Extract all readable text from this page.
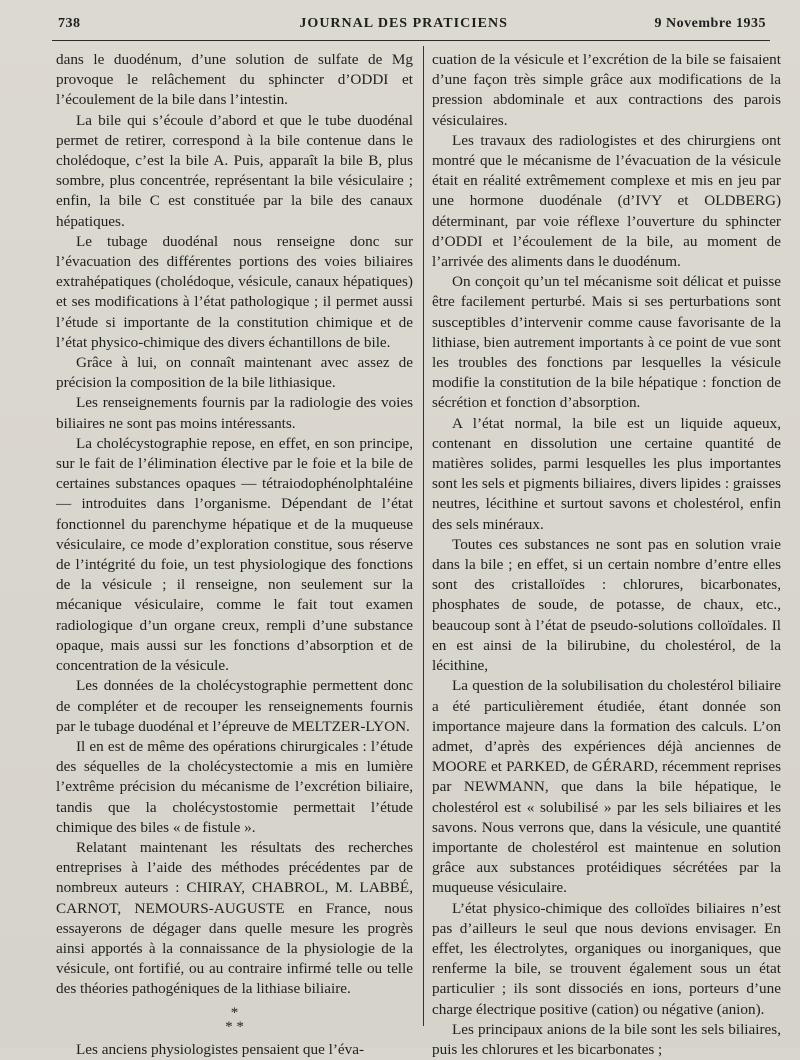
738	JOURNAL DES PRATICIENS	9 Novembre 1935

dans le duodénum, d’une solution de sulfate de Mg provoque le relâchement du sphincter d’ODDI et l’écoulement de la bile dans l’intestin.

La bile qui s’écoule d’abord et que le tube duodénal permet de retirer, correspond à la bile contenue dans le cholédoque, c’est la bile A. Puis, apparaît la bile B, plus sombre, plus concentrée, représentant la bile vésiculaire ; enfin, la bile C est constituée par la bile des canaux hépatiques.

Le tubage duodénal nous renseigne donc sur l’évacuation des différentes portions des voies biliaires extrahépatiques (cholédoque, vésicule, canaux hépatiques) et ses modifications à l’état pathologique ; il permet aussi l’étude si importante de la constitution chimique et de l’état physico-chimique des divers échantillons de bile.

Grâce à lui, on connaît maintenant avec assez de précision la composition de la bile lithiasique.

Les renseignements fournis par la radiologie des voies biliaires ne sont pas moins intéressants.

La cholécystographie repose, en effet, en son principe, sur le fait de l’élimination élective par le foie et la bile de certaines substances opaques — tétraiodophénolphtaléine — introduites dans l’organisme. Dépendant de l’état fonctionnel du parenchyme hépatique et de la muqueuse vésiculaire, ce mode d’exploration constitue, sous réserve de l’intégrité du foie, un test physiologique des fonctions de la vésicule ; il renseigne, non seulement sur la mécanique vésiculaire, comme le fait tout examen radiologique d’un organe creux, rempli d’une substance opaque, mais aussi sur les fonctions d’absorption et de concentration de la vésicule.

Les données de la cholécystographie permettent donc de compléter et de recouper les renseignements fournis par le tubage duodénal et l’épreuve de MELTZER-LYON.

Il en est de même des opérations chirurgicales : l’étude des séquelles de la cholécystectomie a mis en lumière l’extrême précision du mécanisme de l’excrétion biliaire, tandis que la cholécystostomie permettait l’étude chimique des biles « de fistule ».

Relatant maintenant les résultats des recherches entreprises à l’aide des méthodes précédentes par de nombreux auteurs : CHIRAY, CHABROL, M. LABBÉ, CARNOT, NEMOURS-AUGUSTE en France, nous essayerons de dégager dans quelle mesure les progrès ainsi apportés à la connaissance de la physiologie de la vésicule, ont fortifié, ou au contraire infirmé telle ou telle des théories pathogéniques de la lithiase biliaire.

*
* *

Les anciens physiologistes pensaient que l’éva-

cuation de la vésicule et l’excrétion de la bile se faisaient d’une façon très simple grâce aux modifications de la pression abdominale et aux contractions des parois vésiculaires.

Les travaux des radiologistes et des chirurgiens ont montré que le mécanisme de l’évacuation de la vésicule était en réalité extrêmement complexe et mis en jeu par une hormone duodénale (d’IVY et OLDBERG) déterminant, par voie réflexe l’ouverture du sphincter d’ODDI et l’écoulement de la bile, au moment de l’arrivée des aliments dans le duodénum.

On conçoit qu’un tel mécanisme soit délicat et puisse être facilement perturbé. Mais si ses perturbations sont susceptibles d’intervenir comme cause favorisante de la lithiase, bien autrement importants à ce point de vue sont les troubles des fonctions par lesquelles la vésicule modifie la constitution de la bile hépatique : fonction de sécrétion et fonction d’absorption.

A l’état normal, la bile est un liquide aqueux, contenant en dissolution une certaine quantité de matières solides, parmi lesquelles les plus importantes sont les sels et pigments biliaires, divers lipides : graisses neutres, lécithine et surtout savons et cholestérol, enfin des sels minéraux.

Toutes ces substances ne sont pas en solution vraie dans la bile ; en effet, si un certain nombre d’entre elles sont des cristalloïdes : chlorures, bicarbonates, phosphates de soude, de potasse, de chaux, etc., beaucoup sont à l’état de pseudo-solutions colloïdales. Il en est ainsi de la bilirubine, du cholestérol, de la lécithine,

La question de la solubilisation du cholestérol biliaire a été particulièrement étudiée, étant donnée son importance majeure dans la formation des calculs. L’on admet, d’après des expériences déjà anciennes de MOORE et PARKED, de GÉRARD, récemment reprises par NEWMANN, que dans la bile hépatique, le cholestérol est « solubilisé » par les sels biliaires et les savons. Nous verrons que, dans la vésicule, une quantité importante de cholestérol est maintenue en solution grâce aux substances protéidiques sécrétées par la muqueuse vésiculaire.

L’état physico-chimique des colloïdes biliaires n’est pas d’ailleurs le seul que nous devions envisager. En effet, les électrolytes, organiques ou inorganiques, que renferme la bile, se trouvent également sous un état particulier ; ils sont dissociés en ions, porteurs d’une charge électrique positive (cation) ou négative (anion).

Les principaux anions de la bile sont les sels biliaires, puis les chlorures et les bicarbonates ;
